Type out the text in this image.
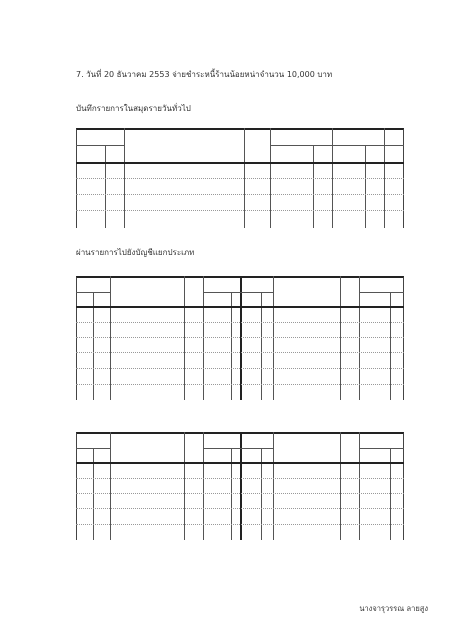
7. วันที่ 20 ธันวาคม 2553 จ่ายชำระหนี้ร้านน้อยหน่าจำนวน 10,000 บาท
บันทึกรายการในสมุดรายวันทั่วไป
ผ่านรายการไปยังบัญชีแยกประเภท
นางจารุวรรณ ลายสูง
